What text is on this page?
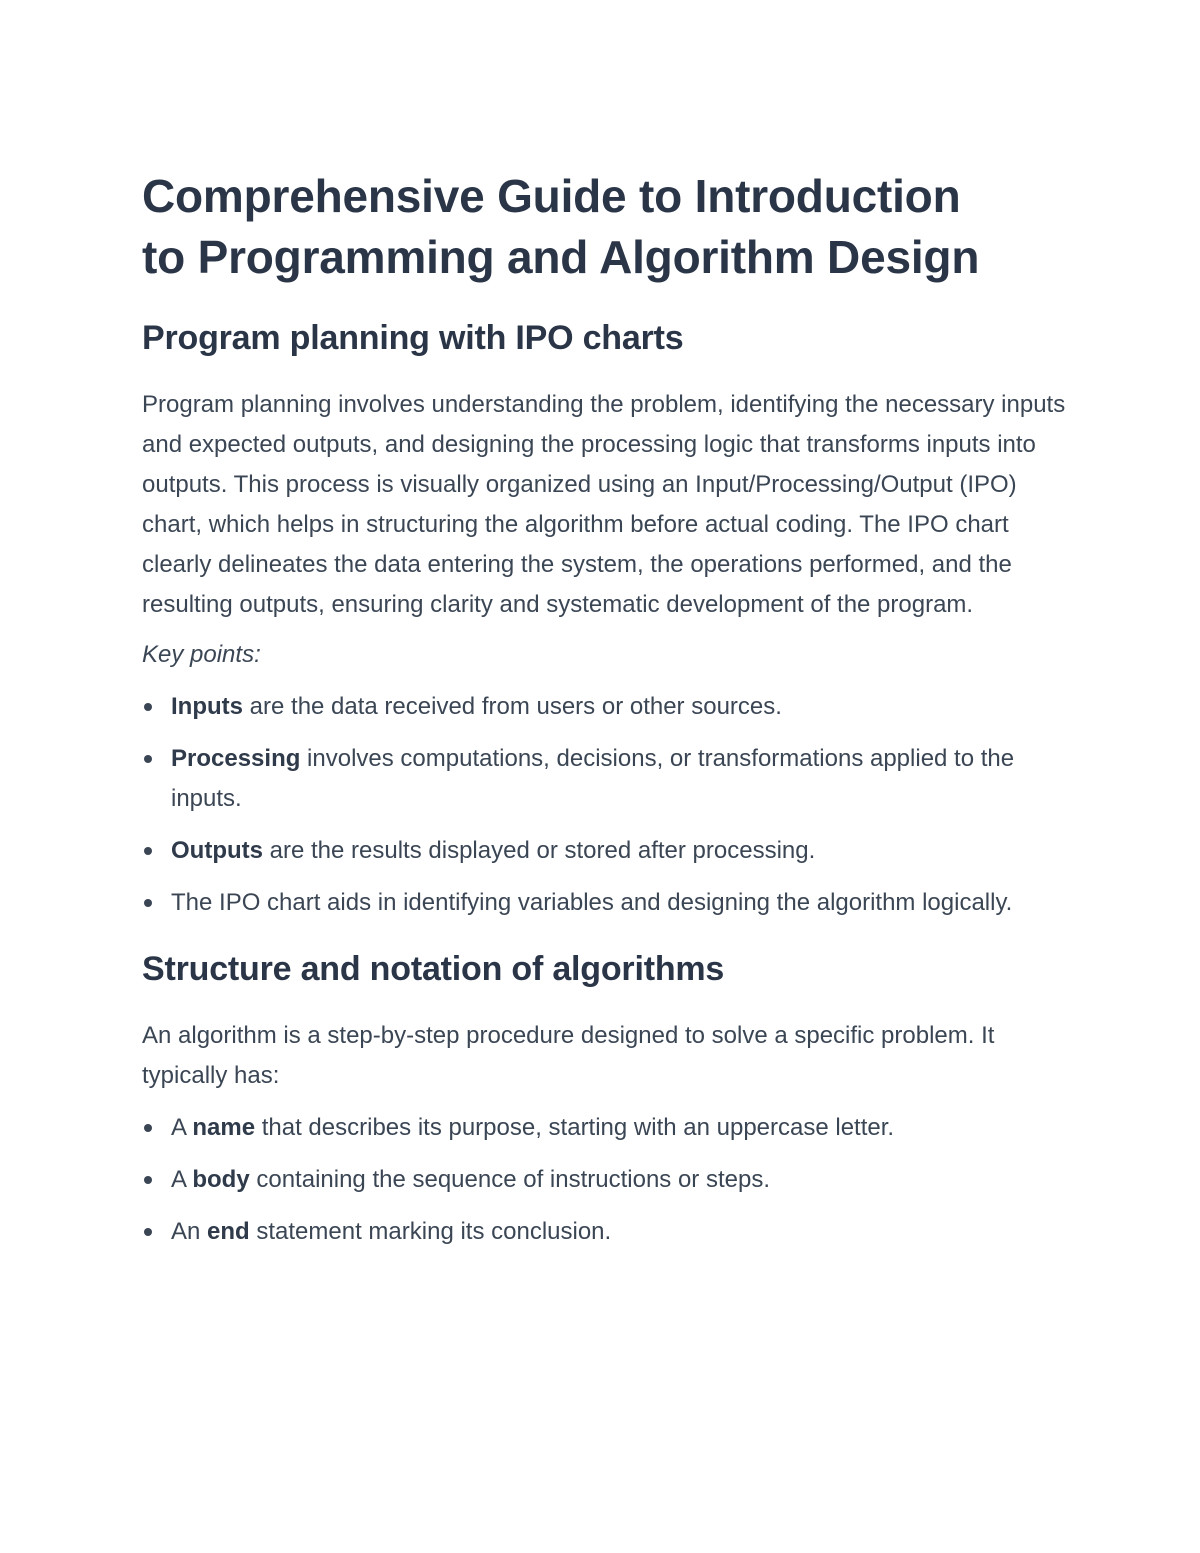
Comprehensive Guide to Introduction
to Programming and Algorithm Design
Program planning with IPO charts

Program planning involves understanding the problem, identifying the necessary inputs and expected outputs, and designing the processing logic that transforms inputs into outputs. This process is visually organized using an Input/Processing/Output (IPO) chart, which helps in structuring the algorithm before actual coding. The IPO chart clearly delineates the data entering the system, the operations performed, and the resulting outputs, ensuring clarity and systematic development of the program.

Key points:

Inputs are the data received from users or other sources.
Processing involves computations, decisions, or transformations applied to the inputs.
Outputs are the results displayed or stored after processing.
The IPO chart aids in identifying variables and designing the algorithm logically.
Structure and notation of algorithms

An algorithm is a step-by-step procedure designed to solve a specific problem. It typically has:

A name that describes its purpose, starting with an uppercase letter.
A body containing the sequence of instructions or steps.
An end statement marking its conclusion.
